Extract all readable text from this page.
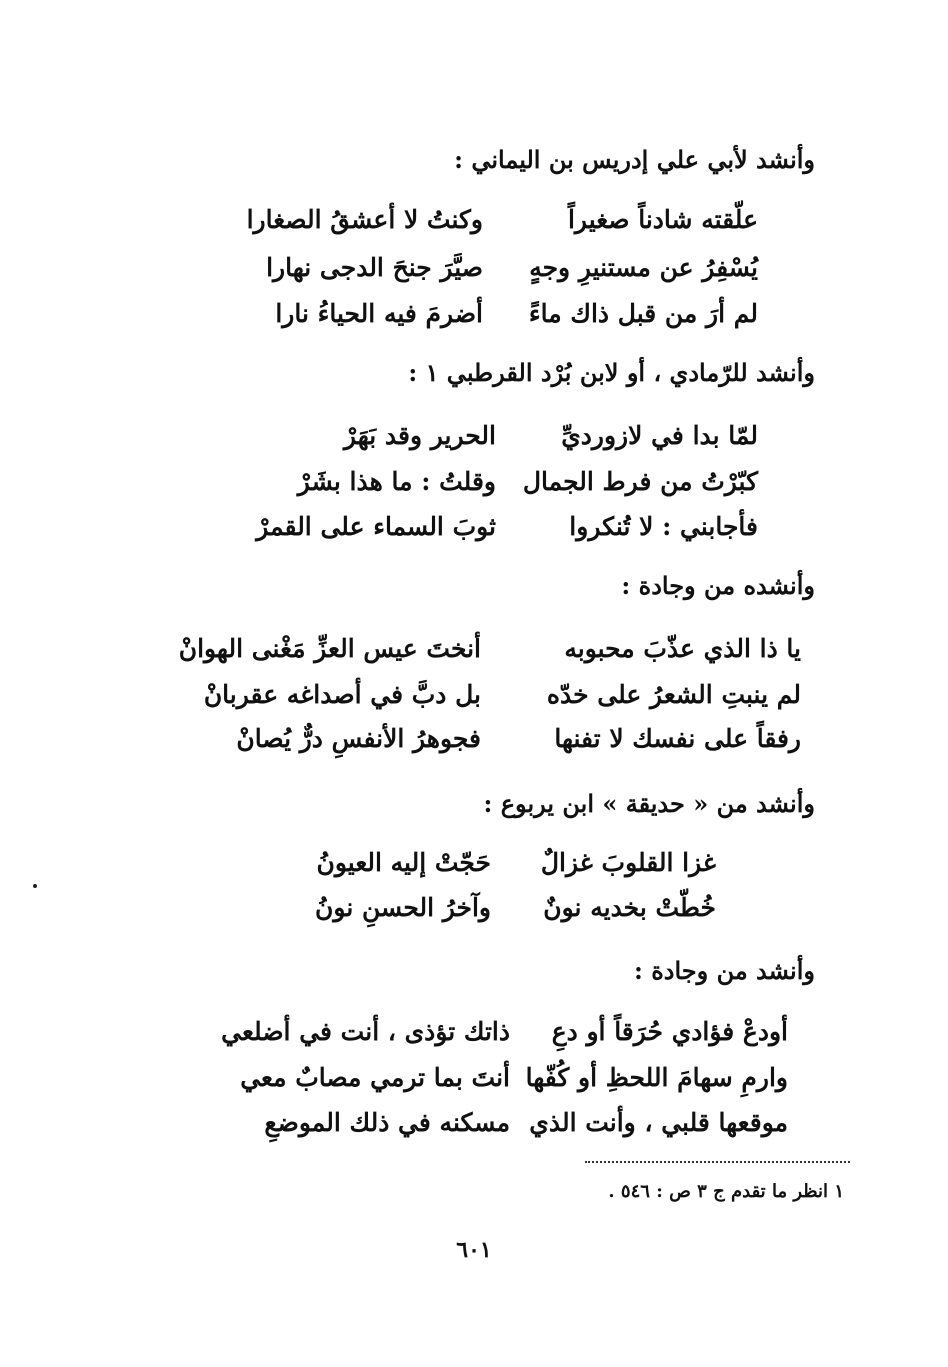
وأنشد لأبي علي إدريس بن اليماني :
علّقته شادناً صغيراً
وكنتُ لا أعشقُ الصغارا
يُسْفِرُ عن مستنيرِ وجهٍ
صيَّرَ جنحَ الدجى نهارا
لم أرَ من قبل ذاك ماءً
أضرمَ فيه الحياءُ نارا
وأنشد للرّمادي ، أو لابن بُرْد القرطبي ١ :
لمّا بدا في لازورديِّ
الحرير وقد بَهَرْ
كبّرْتُ من فرط الجمال
وقلتُ : ما هذا بشَرْ
فأجابني : لا تُنكروا
ثوبَ السماء على القمرْ
وأنشده من وجادة :
يا ذا الذي عذّبَ محبوبه
أنختَ عيس العزِّ مَغْنى الهوانْ
لم ينبتِ الشعرُ على خدّه
بل دبَّ في أصداغه عقربانْ
رفقاً على نفسك لا تفنها
فجوهرُ الأنفسِ درٌّ يُصانْ
وأنشد من « حديقة » ابن يربوع :
غزا القلوبَ غزالٌ
حَجّتْ إليه العيونُ
خُطّتْ بخديه نونٌ
وآخرُ الحسنِ نونُ
وأنشد من وجادة :
أودعْ فؤادي حُرَقاً أو دعِ
ذاتك تؤذى ، أنت في أضلعي
وارمِ سهامَ اللحظِ أو كُفّها
أنتَ بما ترمي مصابٌ معي
موقعها قلبي ، وأنت الذي
مسكنه في ذلك الموضعِ
١ انظر ما تقدم ج ٣ ص : ٥٤٦ .
٦٠١
